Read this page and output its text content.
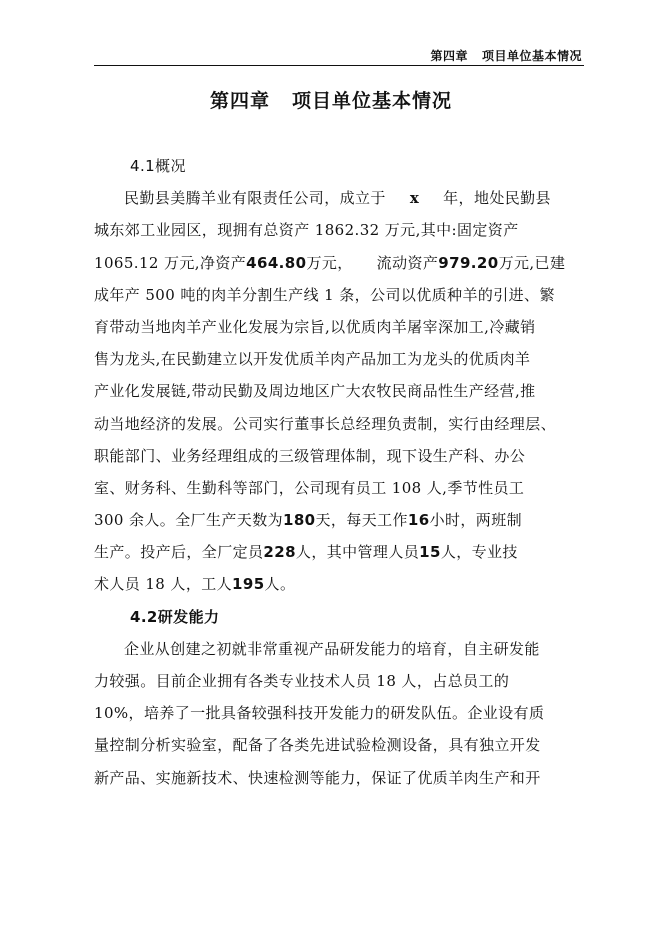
第四章 项目单位基本情况
第四章 项目单位基本情况
4.1概况
民勤县美腾羊业有限责任公司，成立于 x 年，地处民勤县
城东郊工业园区，现拥有总资产 1862.32 万元,其中:固定资产
1065.12 万元,净资产464.80万元， 流动资产979.20万元,已建
成年产 500 吨的肉羊分割生产线 1 条，公司以优质种羊的引进、繁
育带动当地肉羊产业化发展为宗旨,以优质肉羊屠宰深加工,冷藏销
售为龙头,在民勤建立以开发优质羊肉产品加工为龙头的优质肉羊
产业化发展链,带动民勤及周边地区广大农牧民商品性生产经营,推
动当地经济的发展。公司实行董事长总经理负责制，实行由经理层、
职能部门、业务经理组成的三级管理体制，现下设生产科、办公
室、财务科、生勤科等部门，公司现有员工 108 人,季节性员工
300 余人。全厂生产天数为180天，每天工作16小时，两班制
生产。投产后，全厂定员228人，其中管理人员15人，专业技
术人员 18 人，工人195人。
4.2研发能力
企业从创建之初就非常重视产品研发能力的培育，自主研发能
力较强。目前企业拥有各类专业技术人员 18 人，占总员工的
10%，培养了一批具备较强科技开发能力的研发队伍。企业设有质
量控制分析实验室，配备了各类先进试验检测设备，具有独立开发
新产品、实施新技术、快速检测等能力，保证了优质羊肉生产和开
